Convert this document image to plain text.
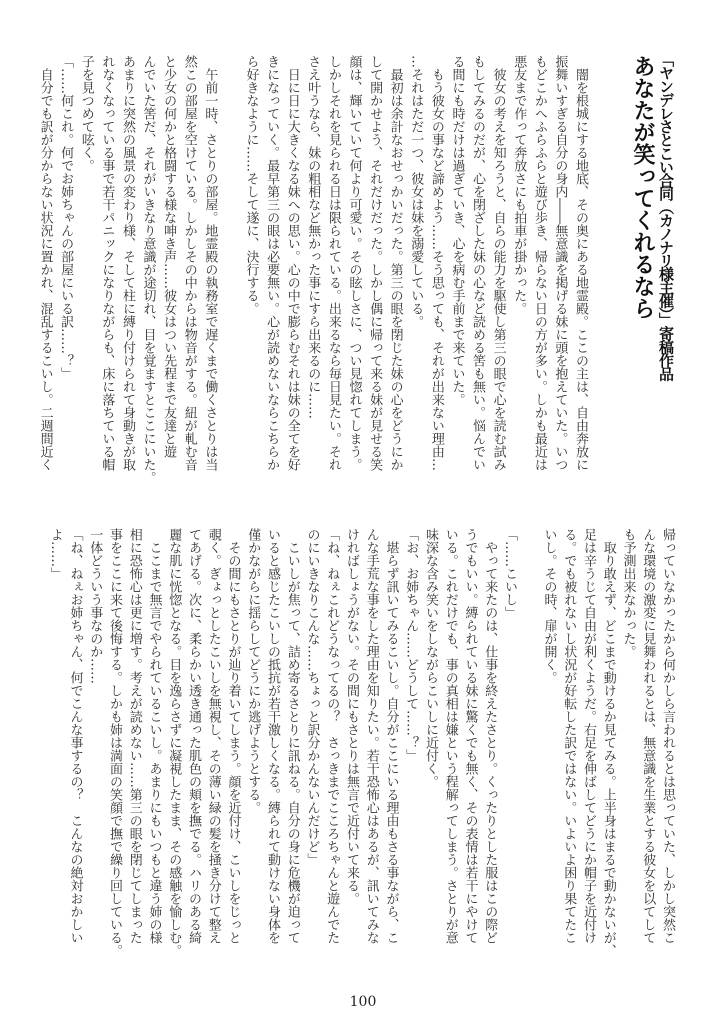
「ヤンデレさとこい合同（カノナリ様主催）」寄稿作品
あなたが笑ってくれるなら
　闇を根城にする地底、その奥にある地霊殿。ここの主は、自由奔放に
振舞いすぎる自分の身内――無意識を掲げる妹に頭を抱えていた。いつ
もどこかへふらふらと遊び歩き、帰らない日の方が多い。しかも最近は
悪友まで作って奔放さにも拍車が掛かった。
　彼女の考えを知ろうと、自らの能力を駆使し第三の眼で心を読む試み
もしてみるのだが、心を閉ざした妹の心など読める筈も無い。悩んでい
る間にも時だけは過ぎていき、心を病む手前まで来ていた。
　もう彼女の事など諦めよう……そう思っても、それが出来ない理由…
…それはただ一つ、彼女は妹を溺愛している。
　最初は余計なおせっかいだった。第三の眼を閉じた妹の心をどうにか
して開かせよう、それだけだった。しかし偶に帰って来る妹が見せる笑
顔は、輝いていて何より可愛い。その眩しさに、つい見惚れてしまう。
しかしそれを見られる日は限られている。出来るなら毎日見たい。それ
さえ叶うなら、妹の粗相など無かった事にすら出来るのに……
　日に日に大きくなる妹への思い。心の中で膨らむそれは妹の全てを好
きになっていく。最早第三の眼は必要無い。心が読めないならこちらか
ら好きなように……そして遂に、決行する。
　午前一時、さとりの部屋。地霊殿の執務室で遅くまで働くさとりは当
然この部屋を空けている。しかしその中からは物音がする。紐が軋む音
と少女の何かと格闘する様な呻き声……彼女はつい先程まで友達と遊
んでいた筈だ、それがいきなり意識が途切れ、目を覚ますとここにいた。
あまりに突然の風景の変わり様、そして柱に縛り付けられて身動きが取
れなくなっている事で若干パニックになりながらも、床に落ちている帽
子を見つめて呟く。
「……何これ。何でお姉ちゃんの部屋にいる訳……？」
　自分でも訳が分からない状況に置かれ、混乱するこいし。二週間近く
帰っていなかったから何かしら言われるとは思っていた、しかし突然こ
んな環境の激変に見舞われるとは、無意識を生業とする彼女を以てして
も予測出来なかった。
　取り敢えず、どこまで動けるか見てみる。上半身はまるで動かないが、
足は辛うじて自由が利くようだ。右足を伸ばしてどうにか帽子を近付け
る。でも被れないし状況が好転した訳ではない。いよいよ困り果てたこ
いし。その時、扉が開く。
「……こいし」
　やって来たのは、仕事を終えたさとり。くったりとした服はこの際ど
うでもいい。縛られている妹に驚くでも無く、その表情は若干にやけて
いる。これだけでも、事の真相は嫌という程解ってしまう。さとりが意
味深な含み笑いをしながらこいしに近付く。
「お、お姉ちゃん……どうして……？」
　堪らず訊いてみるこいし。自分がここにいる理由もさる事ながら、こ
んな手荒な事をした理由を知りたい。若干恐怖心はあるが、訊いてみな
ければしょうがない。その間にもさとりは無言で近付いて来る。
「ね、ねぇこれどうなってるの？　さっきまでこころちゃんと遊んでた
のにいきなりこんな……ちょっと訳分かんないんだけど」
　こいしが焦って、詰め寄るさとりに訊ねる。自分の身に危機が迫って
いると感じたこいしの抵抗が若干激しくなる。縛られて動けない身体を
僅かながらに揺らしてどうにか逃げようとする。
　その間にもさとりが辿り着いてしまう。顔を近付け、こいしをじっと
覗く。ぎょっとしたこいしを無視し、その薄い緑の髪を掻き分けて整え
てあげる。次に、柔らかい透き通った肌色の頬を撫でる。ハリのある綺
麗な肌に恍惚となる。目を逸らさずに凝視したまま、その感触を愉しむ。
　ここまで無言でやられているこいし。あまりにもいつもと違う姉の様
相に恐怖心は更に増す。考えが読めない……第三の眼を閉じてしまった
事をここに来て後悔する。しかも姉は満面の笑顔で撫で繰り回している。
一体どういう事なのか……
「ね、ねぇお姉ちゃん、何でこんな事するの？　こんなの絶対おかしい
よ……」
100
